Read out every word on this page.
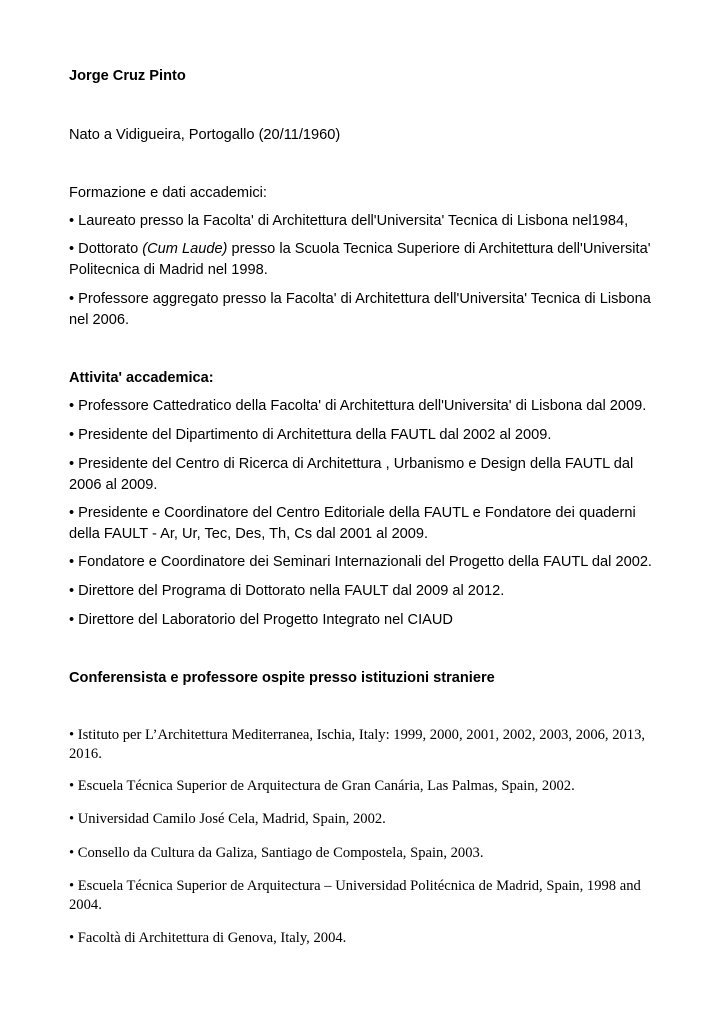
Jorge Cruz Pinto

Nato a Vidigueira, Portogallo (20/11/1960)

Formazione e dati accademici:

• Laureato presso la Facolta' di Architettura dell'Universita' Tecnica di Lisbona nel1984,

• Dottorato (Cum Laude) presso la Scuola Tecnica Superiore di Architettura dell'Universita' Politecnica di Madrid nel 1998.

• Professore aggregato presso la Facolta' di Architettura dell'Universita' Tecnica di Lisbona nel 2006.

Attivita' accademica:

• Professore Cattedratico della Facolta' di Architettura dell'Universita' di Lisbona dal 2009.

• Presidente del Dipartimento di Architettura della FAUTL dal 2002 al 2009.

• Presidente del Centro di Ricerca di Architettura , Urbanismo e Design della FAUTL dal 2006 al 2009.

• Presidente e Coordinatore del Centro Editoriale della FAUTL e Fondatore dei quaderni della FAULT - Ar, Ur, Tec, Des, Th, Cs dal 2001 al 2009.

• Fondatore e Coordinatore dei Seminari Internazionali del Progetto della FAUTL dal 2002.

• Direttore del Programa di Dottorato nella FAULT dal 2009 al 2012.

• Direttore del Laboratorio del Progetto Integrato nel CIAUD

Conferensista e professore ospite presso istituzioni straniere

• Istituto per L’Architettura Mediterranea, Ischia, Italy: 1999, 2000, 2001, 2002, 2003, 2006, 2013, 2016.

• Escuela Técnica Superior de Arquitectura de Gran Canária, Las Palmas, Spain, 2002.

• Universidad Camilo José Cela, Madrid, Spain, 2002.

• Consello da Cultura da Galiza, Santiago de Compostela, Spain, 2003.

• Escuela Técnica Superior de Arquitectura – Universidad Politécnica de Madrid, Spain, 1998 and 2004.

• Facoltà di Architettura di Genova, Italy, 2004.
